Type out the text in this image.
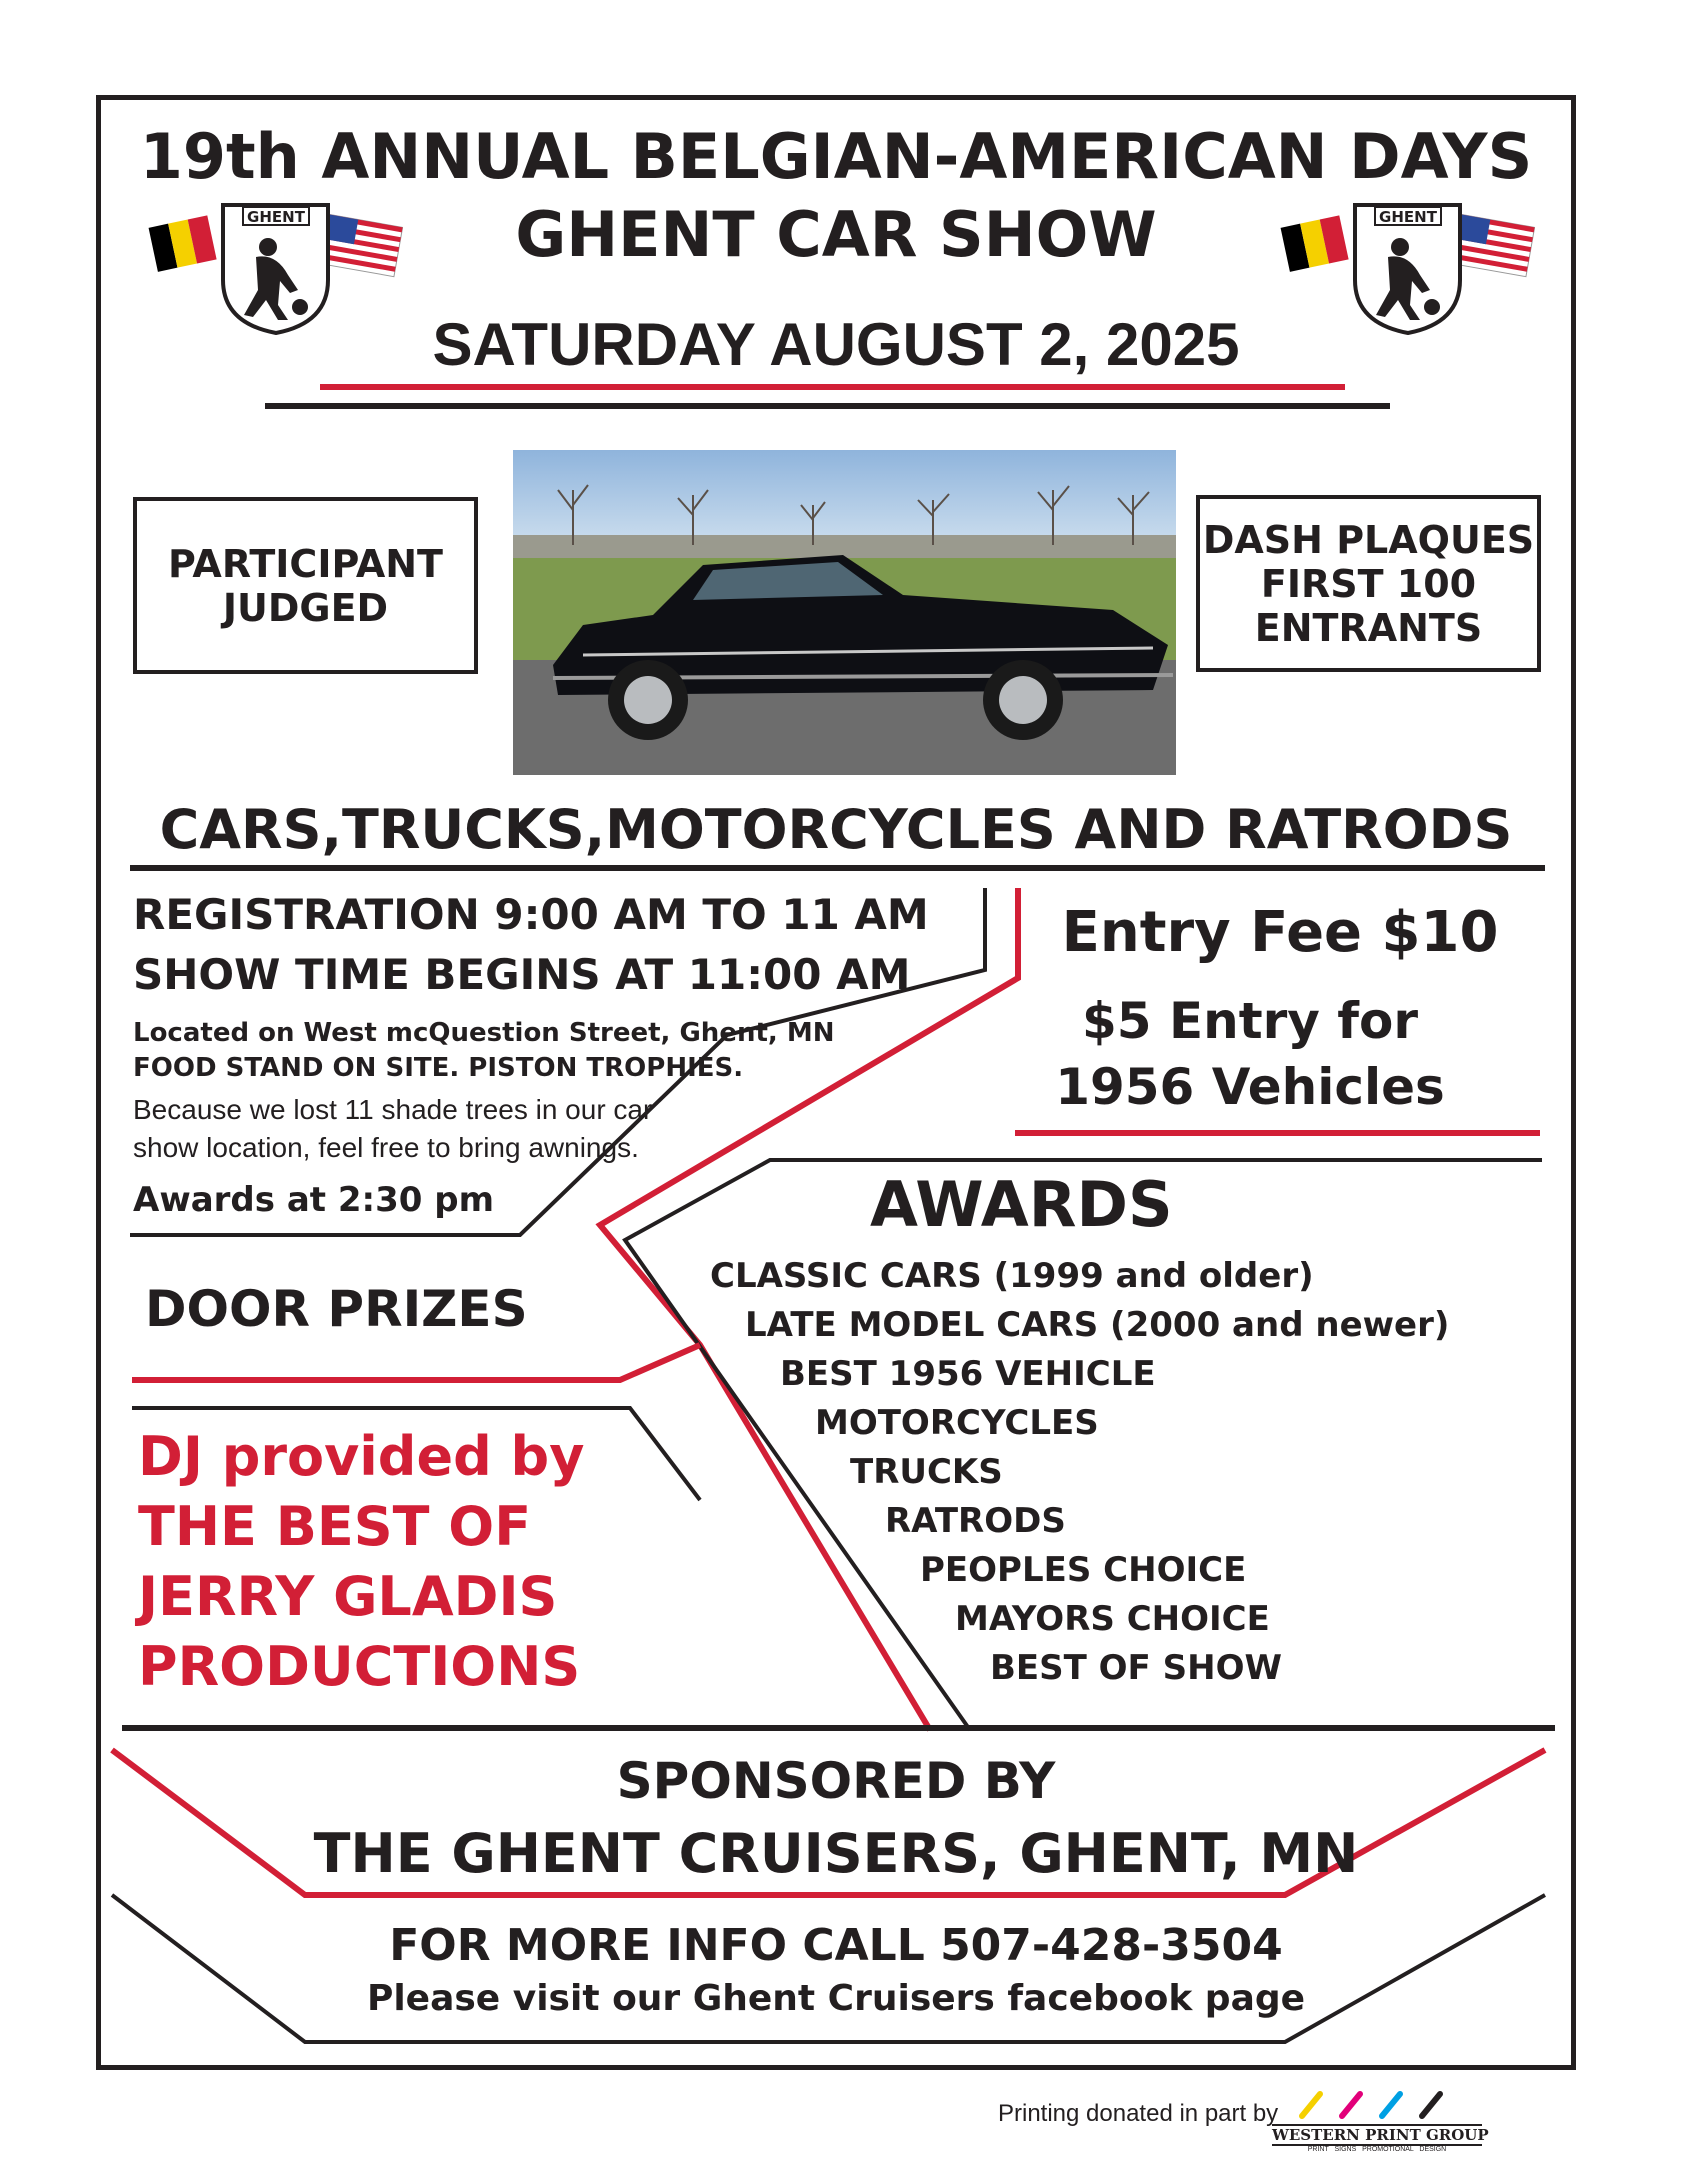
19th ANNUAL BELGIAN-AMERICAN DAYS
GHENT CAR SHOW
GHENT	GHENT
SATURDAY AUGUST 2, 2025
PARTICIPANT
JUDGED
DASH PLAQUES
FIRST 100
ENTRANTS
CARS,TRUCKS,MOTORCYCLES AND RATRODS
REGISTRATION 9:00 AM TO 11 AM
SHOW TIME BEGINS AT 11:00 AM
Located on West mcQuestion Street, Ghent, MN
FOOD STAND ON SITE. PISTON TROPHIES.
Because we lost 11 shade trees in our car
show location, feel free to bring awnings.
Awards at 2:30 pm
Entry Fee $10
$5 Entry for
1956 Vehicles
DOOR PRIZES
DJ provided by
THE BEST OF
JERRY GLADIS
PRODUCTIONS
AWARDS
CLASSIC CARS (1999 and older)
LATE MODEL CARS (2000 and newer)
BEST 1956 VEHICLE
MOTORCYCLES
TRUCKS
RATRODS
PEOPLES CHOICE
MAYORS CHOICE
BEST OF SHOW
SPONSORED BY
THE GHENT CRUISERS, GHENT, MN
FOR MORE INFO CALL 507-428-3504
Please visit our Ghent Cruisers facebook page
Printing donated in part by
WESTERN PRINT GROUP
PRINT   SIGNS   PROMOTIONAL   DESIGN
